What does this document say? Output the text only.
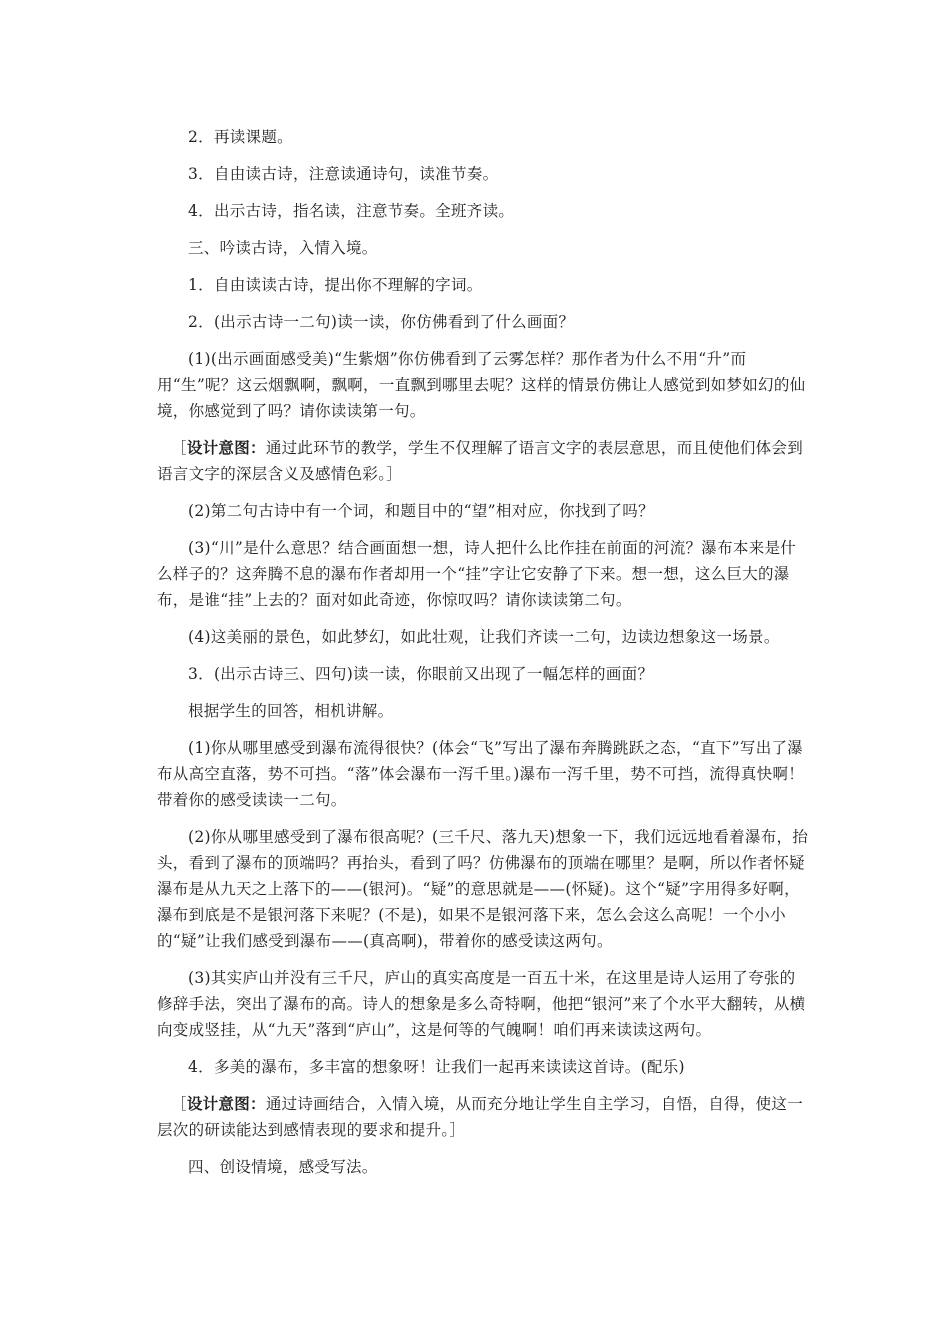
2．再读课题。

3．自由读古诗，注意读通诗句，读准节奏。

4．出示古诗，指名读，注意节奏。全班齐读。

三、吟读古诗，入情入境。

1．自由读读古诗，提出你不理解的字词。

2．(出示古诗一二句)读一读，你仿佛看到了什么画面？

(1)(出示画面感受美)“生紫烟”你仿佛看到了云雾怎样？那作者为什么不用“升”而用“生”呢？这云烟飘啊，飘啊，一直飘到哪里去呢？这样的情景仿佛让人感觉到如梦如幻的仙境，你感觉到了吗？请你读读第一句。

［设计意图：通过此环节的教学，学生不仅理解了语言文字的表层意思，而且使他们体会到语言文字的深层含义及感情色彩。］

(2)第二句古诗中有一个词，和题目中的“望”相对应，你找到了吗？

(3)“川”是什么意思？结合画面想一想，诗人把什么比作挂在前面的河流？瀑布本来是什么样子的？这奔腾不息的瀑布作者却用一个“挂”字让它安静了下来。想一想，这么巨大的瀑布，是谁“挂”上去的？面对如此奇迹，你惊叹吗？请你读读第二句。

(4)这美丽的景色，如此梦幻，如此壮观，让我们齐读一二句，边读边想象这一场景。

3．(出示古诗三、四句)读一读，你眼前又出现了一幅怎样的画面？

根据学生的回答，相机讲解。

(1)你从哪里感受到瀑布流得很快？(体会“飞”写出了瀑布奔腾跳跃之态，“直下”写出了瀑布从高空直落，势不可挡。“落”体会瀑布一泻千里。)瀑布一泻千里，势不可挡，流得真快啊！带着你的感受读读一二句。

(2)你从哪里感受到了瀑布很高呢？(三千尺、落九天)想象一下，我们远远地看着瀑布，抬头，看到了瀑布的顶端吗？再抬头，看到了吗？仿佛瀑布的顶端在哪里？是啊，所以作者怀疑瀑布是从九天之上落下的——(银河)。“疑”的意思就是——(怀疑)。这个“疑”字用得多好啊，瀑布到底是不是银河落下来呢？(不是)，如果不是银河落下来，怎么会这么高呢！一个小小的“疑”让我们感受到瀑布——(真高啊)，带着你的感受读这两句。

(3)其实庐山并没有三千尺，庐山的真实高度是一百五十米，在这里是诗人运用了夸张的修辞手法，突出了瀑布的高。诗人的想象是多么奇特啊，他把“银河”来了个水平大翻转，从横向变成竖挂，从“九天”落到“庐山”，这是何等的气魄啊！咱们再来读读这两句。

4．多美的瀑布，多丰富的想象呀！让我们一起再来读读这首诗。(配乐)

［设计意图：通过诗画结合，入情入境，从而充分地让学生自主学习，自悟，自得，使这一层次的研读能达到感情表现的要求和提升。］

四、创设情境，感受写法。
